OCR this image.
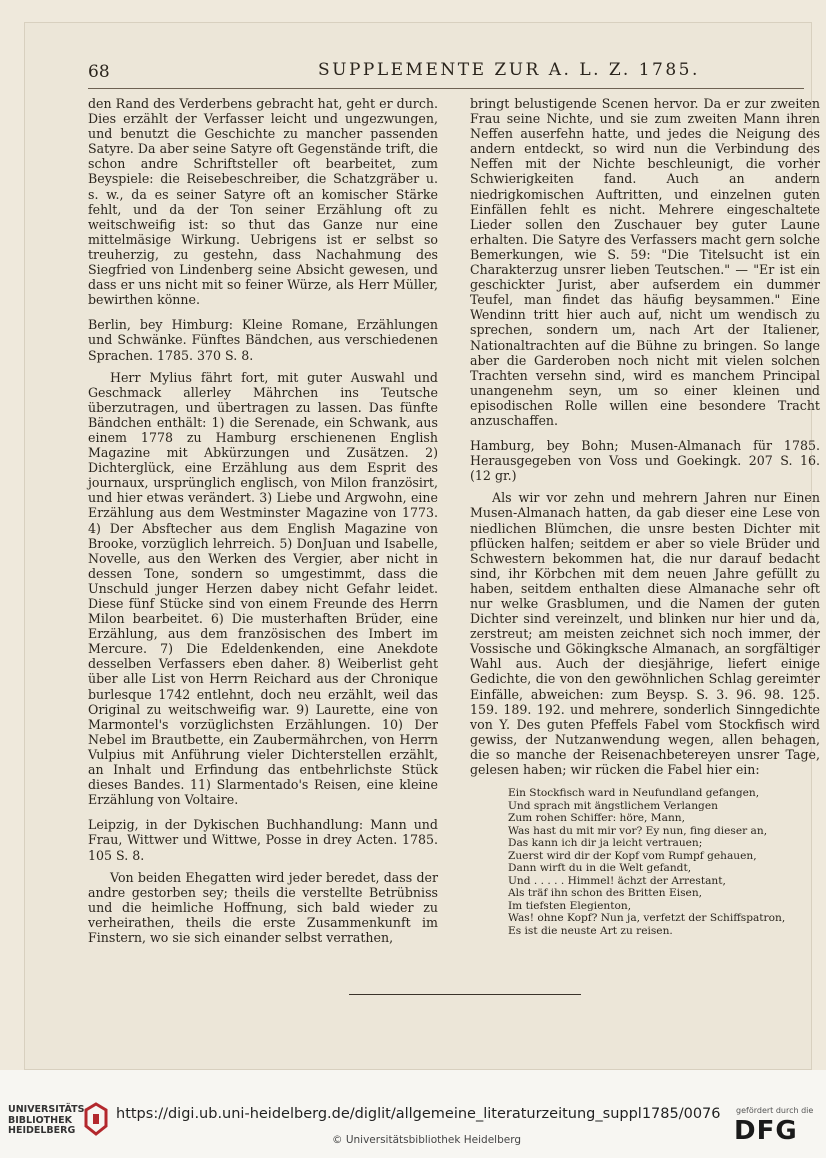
68	SUPPLEMENTE ZUR A. L. Z. 1785.

den Rand des Verderbens gebracht hat, geht er durch. Dies erzählt der Verfasser leicht und ungezwungen, und benutzt die Geschichte zu mancher passenden Satyre. Da aber seine Satyre oft Gegenstände trift, die schon andre Schriftsteller oft bearbeitet, zum Beyspiele: die Reisebeschreiber, die Schatzgräber u. s. w., da es seiner Satyre oft an komischer Stärke fehlt, und da der Ton seiner Erzählung oft zu weitschweifig ist: so thut das Ganze nur eine mittelmäsige Wirkung. Uebrigens ist er selbst so treuherzig, zu gestehn, dass Nachahmung des Siegfried von Lindenberg seine Absicht gewesen, und dass er uns nicht mit so feiner Würze, als Herr Müller, bewirthen könne.

Berlin, bey Himburg: Kleine Romane, Erzählungen und Schwänke. Fünftes Bändchen, aus verschiedenen Sprachen. 1785. 370 S. 8.

Herr Mylius fährt fort, mit guter Auswahl und Geschmack allerley Mährchen ins Teutsche überzutragen, und übertragen zu lassen. Das fünfte Bändchen enthält: 1) die Serenade, ein Schwank, aus einem 1778 zu Hamburg erschienenen English Magazine mit Abkürzungen und Zusätzen. 2) Dichterglück, eine Erzählung aus dem Esprit des journaux, ursprünglich englisch, von Milon französirt, und hier etwas verändert. 3) Liebe und Argwohn, eine Erzählung aus dem Westminster Magazine von 1773. 4) Der Absftecher aus dem English Magazine von Brooke, vorzüglich lehrreich. 5) DonJuan und Isabelle, Novelle, aus den Werken des Vergier, aber nicht in dessen Tone, sondern so umgestimmt, dass die Unschuld junger Herzen dabey nicht Gefahr leidet. Diese fünf Stücke sind von einem Freunde des Herrn Milon bearbeitet. 6) Die musterhaften Brüder, eine Erzählung, aus dem französischen des Imbert im Mercure. 7) Die Edeldenkenden, eine Anekdote desselben Verfassers eben daher. 8) Weiberlist geht über alle List von Herrn Reichard aus der Chronique burlesque 1742 entlehnt, doch neu erzählt, weil das Original zu weitschweifig war. 9) Laurette, eine von Marmontel's vorzüglichsten Erzählungen. 10) Der Nebel im Brautbette, ein Zaubermährchen, von Herrn Vulpius mit Anführung vieler Dichterstellen erzählt, an Inhalt und Erfindung das entbehrlichste Stück dieses Bandes. 11) Slarmentado's Reisen, eine kleine Erzählung von Voltaire.

Leipzig, in der Dykischen Buchhandlung: Mann und Frau, Wittwer und Wittwe, Posse in drey Acten. 1785. 105 S. 8.

Von beiden Ehegatten wird jeder beredet, dass der andre gestorben sey; theils die verstellte Betrübniss und die heimliche Hoffnung, sich bald wieder zu verheirathen, theils die erste Zusammenkunft im Finstern, wo sie sich einander selbst verrathen,

bringt belustigende Scenen hervor. Da er zur zweiten Frau seine Nichte, und sie zum zweiten Mann ihren Neffen auserfehn hatte, und jedes die Neigung des andern entdeckt, so wird nun die Verbindung des Neffen mit der Nichte beschleunigt, die vorher Schwierigkeiten fand. Auch an andern niedrigkomischen Auftritten, und einzelnen guten Einfällen fehlt es nicht. Mehrere eingeschaltete Lieder sollen den Zuschauer bey guter Laune erhalten. Die Satyre des Verfassers macht gern solche Bemerkungen, wie S. 59: "Die Titelsucht ist ein Charakterzug unsrer lieben Teutschen." — "Er ist ein geschickter Jurist, aber aufserdem ein dummer Teufel, man findet das häufig beysammen." Eine Wendinn tritt hier auch auf, nicht um wendisch zu sprechen, sondern um, nach Art der Italiener, Nationaltrachten auf die Bühne zu bringen. So lange aber die Garderoben noch nicht mit vielen solchen Trachten versehn sind, wird es manchem Principal unangenehm seyn, um so einer kleinen und episodischen Rolle willen eine besondere Tracht anzuschaffen.

Hamburg, bey Bohn; Musen-Almanach für 1785. Herausgegeben von Voss und Goekingk. 207 S. 16. (12 gr.)

Als wir vor zehn und mehrern Jahren nur Einen Musen-Almanach hatten, da gab dieser eine Lese von niedlichen Blümchen, die unsre besten Dichter mit pflücken halfen; seitdem er aber so viele Brüder und Schwestern bekommen hat, die nur darauf bedacht sind, ihr Körbchen mit dem neuen Jahre gefüllt zu haben, seitdem enthalten diese Almanache sehr oft nur welke Grasblumen, und die Namen der guten Dichter sind vereinzelt, und blinken nur hier und da, zerstreut; am meisten zeichnet sich noch immer, der Vossische und Gökingksche Almanach, an sorgfältiger Wahl aus. Auch der diesjährige, liefert einige Gedichte, die von den gewöhnlichen Schlag gereimter Einfälle, abweichen: zum Beysp. S. 3. 96. 98. 125. 159. 189. 192. und mehrere, sonderlich Sinngedichte von Y. Des guten Pfeffels Fabel vom Stockfisch wird gewiss, der Nutzanwendung wegen, allen behagen, die so manche der Reisenachbetereyen unsrer Tage, gelesen haben; wir rücken die Fabel hier ein:

Ein Stockfisch ward in Neufundland gefangen,
Und sprach mit ängstlichem Verlangen
Zum rohen Schiffer: höre, Mann,
Was hast du mit mir vor? Ey nun, fing dieser an,
Das kann ich dir ja leicht vertrauen;
Zuerst wird dir der Kopf vom Rumpf gehauen,
Dann wirft du in die Welt gefandt,
Und . . . . . Himmel! ächzt der Arrestant,
Als träf ihn schon des Britten Eisen,
Im tiefsten Elegienton,
Was! ohne Kopf? Nun ja, verfetzt der Schiffspatron,
Es ist die neuste Art zu reisen.

UNIVERSITÄTS-
BIBLIOTHEK
HEIDELBERG
https://digi.ub.uni-heidelberg.de/diglit/allgemeine_literaturzeitung_suppl1785/0076
© Universitätsbibliothek Heidelberg
gefördert durch die
DFG
